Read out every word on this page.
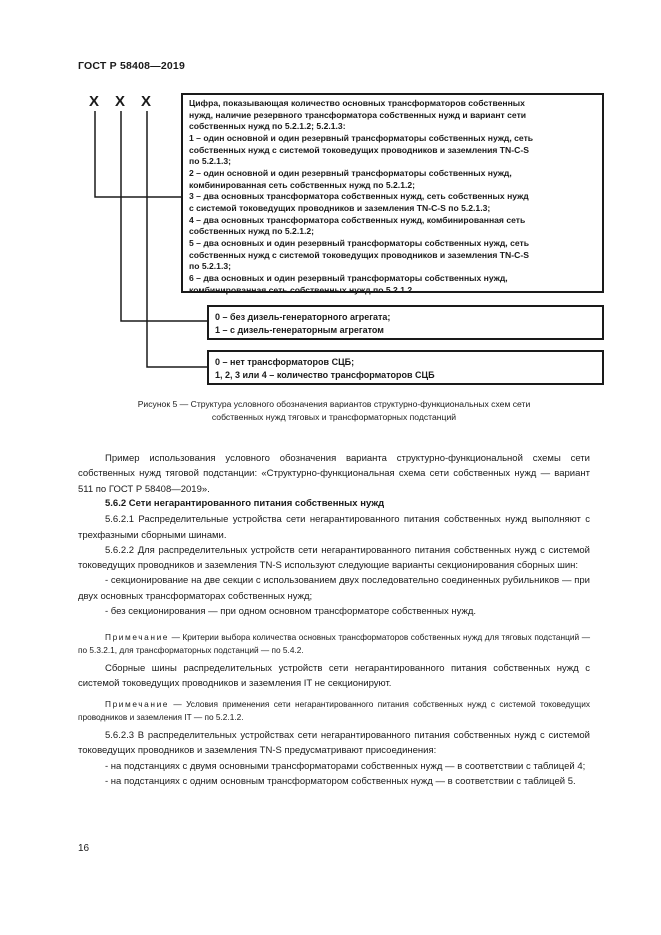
ГОСТ Р 58408—2019
Х Х Х	Цифра, показывающая количество основных трансформаторов собственных
нужд, наличие резервного трансформатора собственных нужд и вариант сети
собственных нужд по 5.2.1.2; 5.2.1.3:
1 – один основной и один резервный трансформаторы собственных нужд, сеть
собственных нужд с системой токоведущих проводников и заземления TN-C-S
по 5.2.1.3;
2 – один основной и один резервный трансформаторы собственных нужд,
комбинированная сеть собственных нужд по 5.2.1.2;
3 – два основных трансформатора собственных нужд, сеть собственных нужд
с системой токоведущих проводников и заземления TN-C-S по 5.2.1.3;
4 – два основных трансформатора собственных нужд, комбинированная сеть
собственных нужд по 5.2.1.2;
5 – два основных и один резервный трансформаторы собственных нужд, сеть
собственных нужд с системой токоведущих проводников и заземления TN-C-S
по 5.2.1.3;
6 – два основных и один резервный трансформаторы собственных нужд,
комбинированная сеть собственных нужд по 5.2.1.2
0 – без дизель-генераторного агрегата;
1 – с дизель-генераторным агрегатом
0 – нет трансформаторов СЦБ;
1, 2, 3 или 4 – количество трансформаторов СЦБ
Рисунок 5 — Структура условного обозначения вариантов структурно-функциональных схем сети
собственных нужд тяговых и трансформаторных подстанций
Пример использования условного обозначения варианта структурно-функциональной схемы сети собственных нужд тяговой подстанции: «Структурно-функциональная схема сети собственных нужд — вариант 511 по ГОСТ Р 58408—2019».
5.6.2 Сети негарантированного питания собственных нужд
5.6.2.1 Распределительные устройства сети негарантированного питания собственных нужд выполняют с трехфазными сборными шинами.
5.6.2.2 Для распределительных устройств сети негарантированного питания собственных нужд с системой токоведущих проводников и заземления TN-S используют следующие варианты секционирования сборных шин:
- секционирование на две секции с использованием двух последовательно соединенных рубильников — при двух основных трансформаторах собственных нужд;
- без секционирования — при одном основном трансформаторе собственных нужд.
Примечание — Критерии выбора количества основных трансформаторов собственных нужд для тяговых подстанций — по 5.3.2.1, для трансформаторных подстанций — по 5.4.2.
Сборные шины распределительных устройств сети негарантированного питания собственных нужд с системой токоведущих проводников и заземления IT не секционируют.
Примечание — Условия применения сети негарантированного питания собственных нужд с системой токоведущих проводников и заземления IT — по 5.2.1.2.
5.6.2.3 В распределительных устройствах сети негарантированного питания собственных нужд с системой токоведущих проводников и заземления TN-S предусматривают присоединения:
- на подстанциях с двумя основными трансформаторами собственных нужд — в соответствии с таблицей 4;
- на подстанциях с одним основным трансформатором собственных нужд — в соответствии с таблицей 5.
16
